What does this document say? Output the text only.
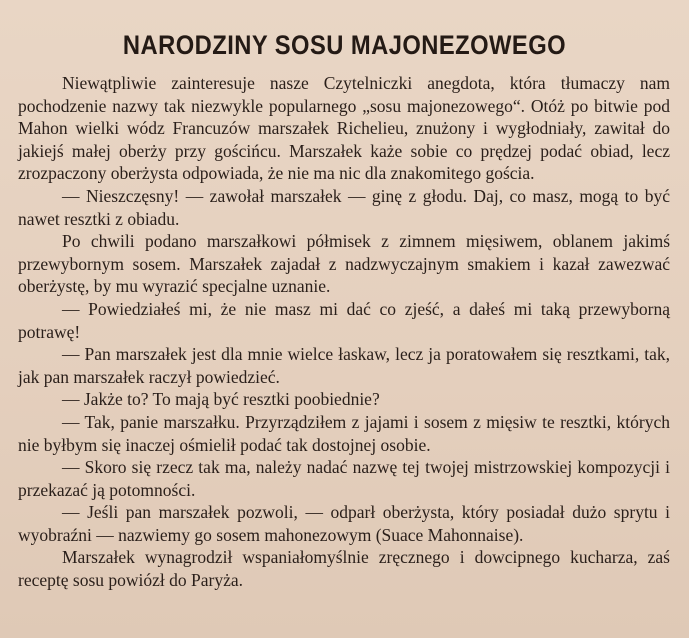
NARODZINY SOSU MAJONEZOWEGO

Niewątpliwie zainteresuje nasze Czytelniczki anegdota, która tłumaczy nam pochodzenie nazwy tak niezwykle popularnego „sosu majonezowego“. Otóż po bitwie pod Mahon wielki wódz Francuzów marszałek Richelieu, znużony i wygłodniały, zawitał do jakiejś małej oberży przy gościńcu. Marszałek każe sobie co prędzej podać obiad, lecz zrozpaczony oberżysta odpowiada, że nie ma nic dla znakomitego gościa.

— Nieszczęsny! — zawołał marszałek — ginę z głodu. Daj, co masz, mogą to być nawet resztki z obiadu.

Po chwili podano marszałkowi półmisek z zimnem mięsiwem, oblanem jakimś przewybornym sosem. Marszałek zajadał z nadzwyczajnym smakiem i kazał zawezwać oberżystę, by mu wyrazić specjalne uznanie.

— Powiedziałeś mi, że nie masz mi dać co zjeść, a dałeś mi taką przewyborną potrawę!

— Pan marszałek jest dla mnie wielce łaskaw, lecz ja poratowałem się resztkami, tak, jak pan marszałek raczył powiedzieć.

— Jakże to? To mają być resztki poobiednie?

— Tak, panie marszałku. Przyrządziłem z jajami i sosem z mięsiw te resztki, których nie byłbym się inaczej ośmielił podać tak dostojnej osobie.

— Skoro się rzecz tak ma, należy nadać nazwę tej twojej mistrzowskiej kompozycji i przekazać ją potomności.

— Jeśli pan marszałek pozwoli, — odparł oberżysta, który posiadał dużo sprytu i wyobraźni — nazwiemy go sosem mahonezowym (Suace Mahonnaise).

Marszałek wynagrodził wspaniałomyślnie zręcznego i dowcipnego kucharza, zaś receptę sosu powiózł do Paryża.
